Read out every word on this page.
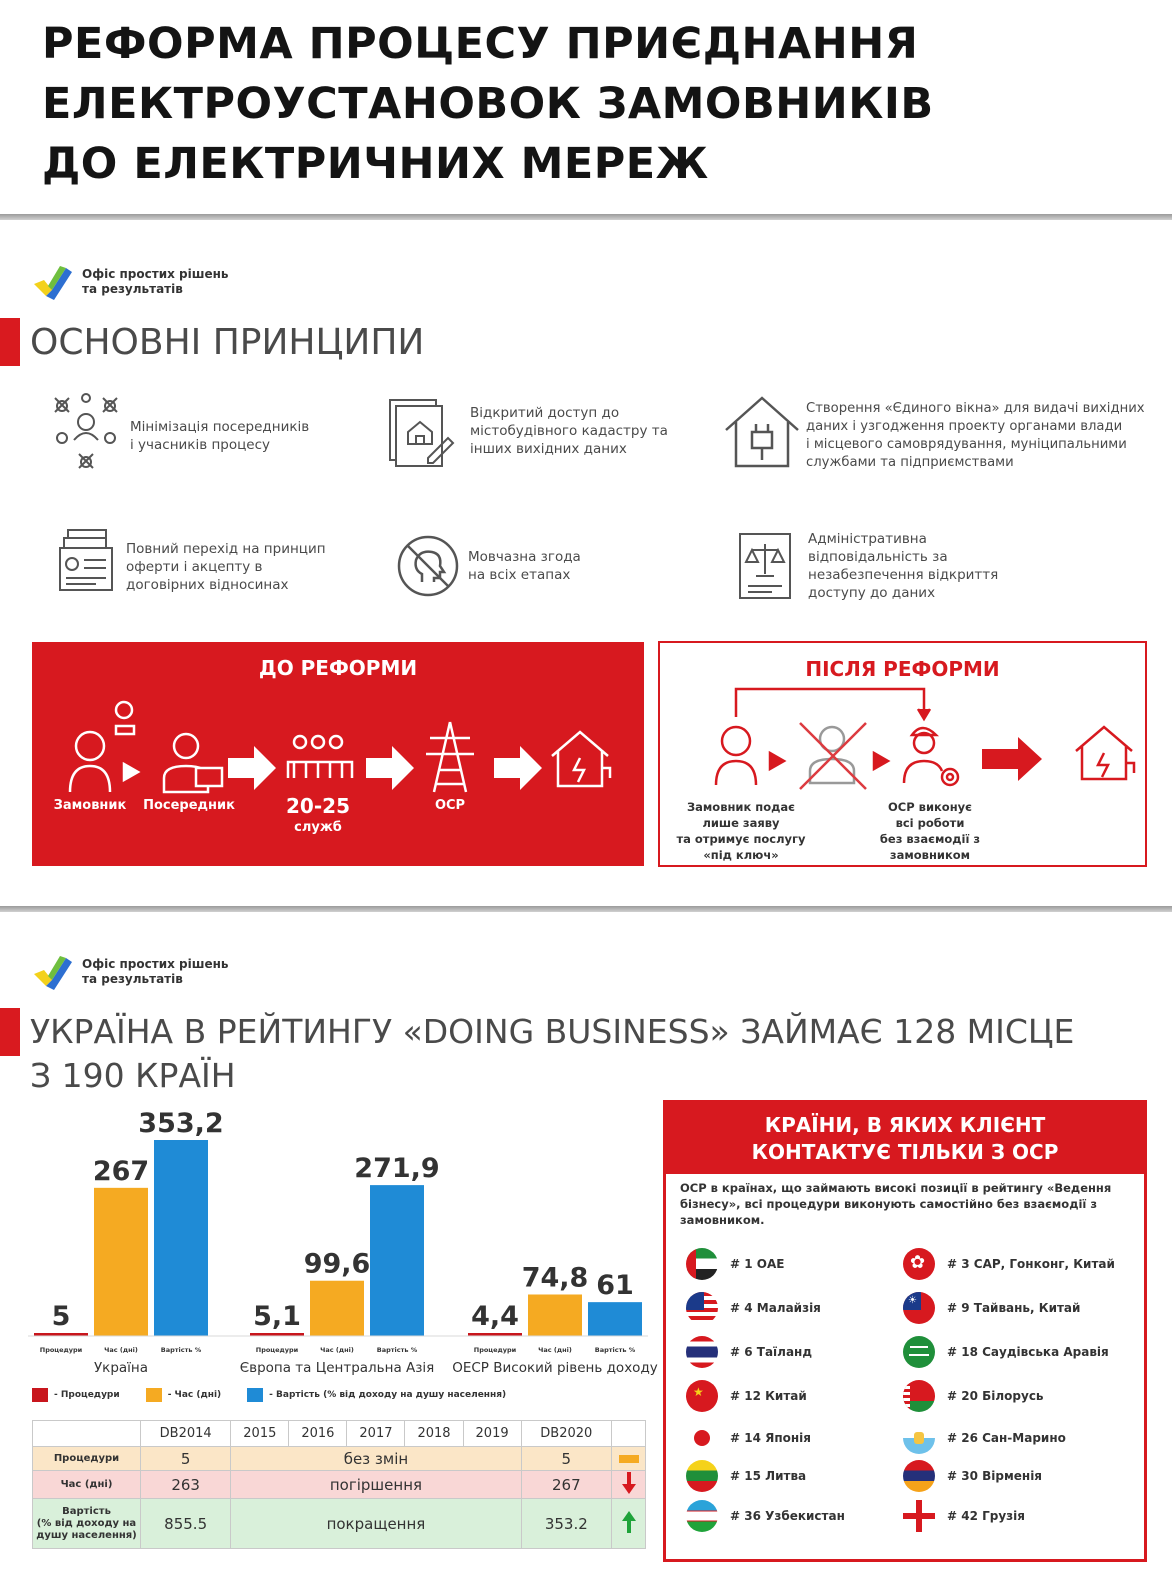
РЕФОРМА ПРОЦЕСУ ПРИЄДНАННЯ
ЕЛЕКТРОУСТАНОВОК ЗАМОВНИКІВ
ДО ЕЛЕКТРИЧНИХ МЕРЕЖ
Офіс простих рішень
та результатів
ОСНОВНІ ПРИНЦИПИ
Мінімізація посередників
і учасників процесу
Відкритий доступ до
містобудівного кадастру та
інших вихідних даних
Створення «Єдиного вікна» для видачі вихідних
даних і узгодження проекту органами влади
і місцевого самоврядування, муніципальними
службами та підприємствами
Повний перехід на принцип
оферти і акцепту в
договірних відносинах
Мовчазна згода
на всіх етапах
Адміністративна
відповідальність за
незабезпечення відкриття
доступу до даних
ДО РЕФОРМИ
Замовник	Посередник	20-25
служб
ОСР
ПІСЛЯ РЕФОРМИ
Замовник подає
лише заяву
та отримує послугу
«під ключ»
ОСР виконує
всі роботи
без взаємодії з
замовником
Офіс простих рішень
та результатів
УКРАЇНА В РЕЙТИНГУ «DOING BUSINESS» ЗАЙМАЄ 128 МІСЦЕ
З 190 КРАЇН
5
Процедури
267
Час (дні)
353,2
Вартість %
Україна
5,1
Процедури
99,6
Час (дні)
271,9
Вартість %
Європа та Центральна Азія
4,4
Процедури
74,8
Час (дні)
61
Вартість %
ОЕСР Високий рівень доходу
- Процедури	- Час (дні)	- Вартість (% від доходу на душу населення)
	DB2014	2015	2016	2017	2018	2019	DB2020	
Процедури	5	без змін					5	

Час (дні)	263	погіршення					267	
Вартість
(% від доходу на
душу населення)	855.5	покращення					353.2	
КРАЇНИ, В ЯКИХ КЛІЄНТ
КОНТАКТУЄ ТІЛЬКИ З ОСР
ОСР в країнах, що займають високі позиції в рейтингу «Ведення бізнесу», всі процедури виконують самостійно без взаємодії з замовником.
# 1 ОАЕ
# 4 Малайзія
# 6 Таїланд
★ # 12 Китай
# 14 Японія
# 15 Литва
# 36 Узбекистан
✿ # 3 САР, Гонконг, Китай
☀
# 9 Тайвань, Китай
# 18 Саудівська Аравія
# 20 Білорусь
# 26 Сан-Марино
# 30 Вірменія
# 42 Грузія
